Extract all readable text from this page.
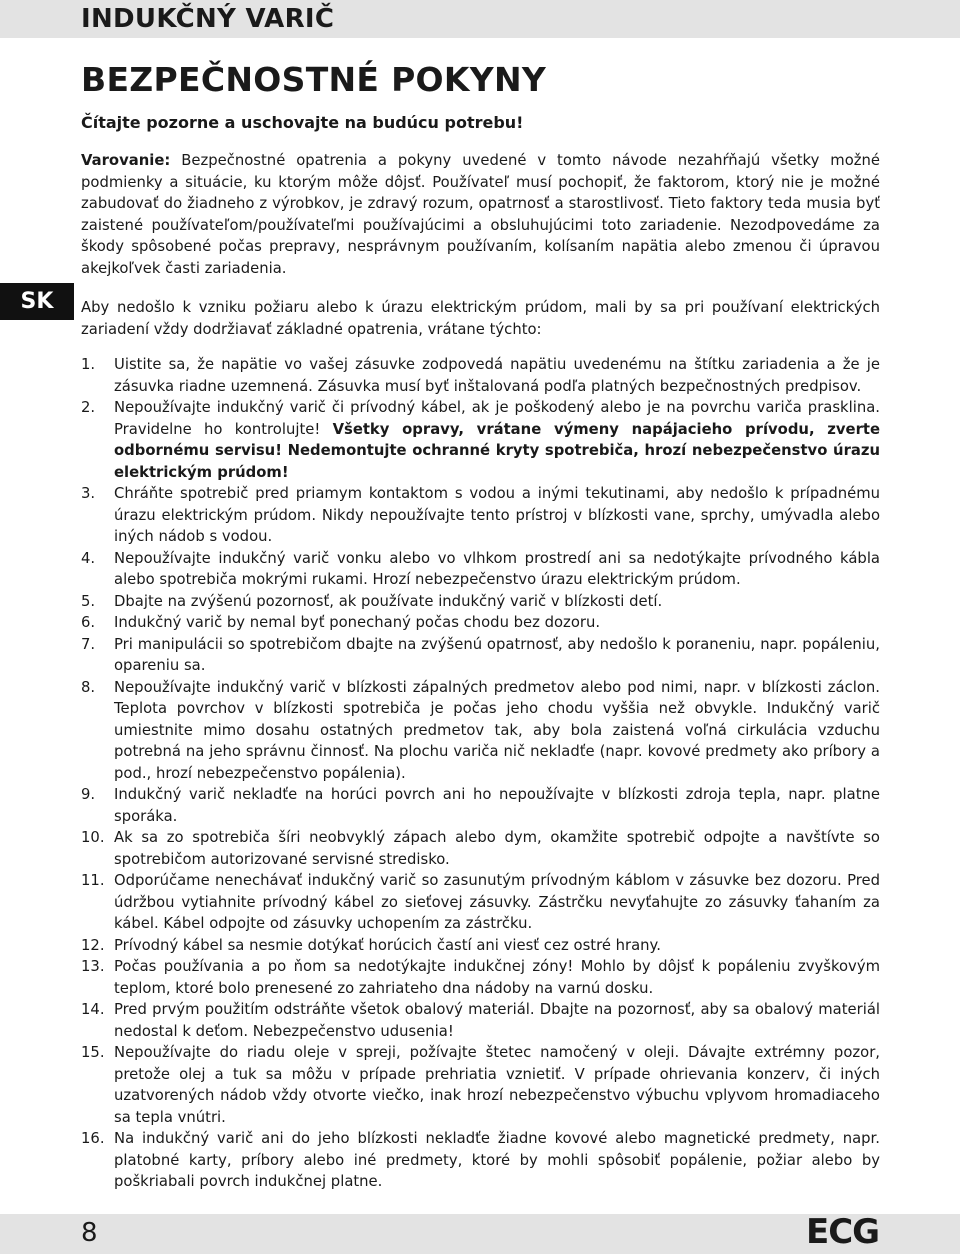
INDUKČNÝ VARIČ
SK
BEZPEČNOSTNÉ POKYNY

Čítajte pozorne a uschovajte na budúcu potrebu!

Varovanie: Bezpečnostné opatrenia a pokyny uvedené v tomto návode nezahŕňajú všetky možné podmienky a situácie, ku ktorým môže dôjsť. Používateľ musí pochopiť, že faktorom, ktorý nie je možné zabudovať do žiadneho z výrobkov, je zdravý rozum, opatrnosť a starostlivosť. Tieto faktory teda musia byť zaistené používateľom/používateľmi používajúcimi a obsluhujúcimi toto zariadenie. Nezodpovedáme za škody spôsobené počas prepravy, nesprávnym používaním, kolísaním napätia alebo zmenou či úpravou akejkoľvek časti zariadenia.

Aby nedošlo k vzniku požiaru alebo k úrazu elektrickým prúdom, mali by sa pri používaní elektrických zariadení vždy dodržiavať základné opatrenia, vrátane týchto:

1. Uistite sa, že napätie vo vašej zásuvke zodpovedá napätiu uvedenému na štítku zariadenia a že je zásuvka riadne uzemnená. Zásuvka musí byť inštalovaná podľa platných bezpečnostných predpisov.
2. Nepoužívajte indukčný varič či prívodný kábel, ak je poškodený alebo je na povrchu variča prasklina. Pravidelne ho kontrolujte! Všetky opravy, vrátane výmeny napájacieho prívodu, zverte odbornému servisu! Nedemontujte ochranné kryty spotrebiča, hrozí nebezpečenstvo úrazu elektrickým prúdom!
3. Chráňte spotrebič pred priamym kontaktom s vodou a inými tekutinami, aby nedošlo k prípadnému úrazu elektrickým prúdom. Nikdy nepoužívajte tento prístroj v blízkosti vane, sprchy, umývadla alebo iných nádob s vodou.
4. Nepoužívajte indukčný varič vonku alebo vo vlhkom prostredí ani sa nedotýkajte prívodného kábla alebo spotrebiča mokrými rukami. Hrozí nebezpečenstvo úrazu elektrickým prúdom.
5. Dbajte na zvýšenú pozornosť, ak používate indukčný varič v blízkosti detí.
6. Indukčný varič by nemal byť ponechaný počas chodu bez dozoru.
7. Pri manipulácii so spotrebičom dbajte na zvýšenú opatrnosť, aby nedošlo k poraneniu, napr. popáleniu, opareniu sa.
8. Nepoužívajte indukčný varič v blízkosti zápalných predmetov alebo pod nimi, napr. v blízkosti záclon. Teplota povrchov v blízkosti spotrebiča je počas jeho chodu vyššia než obvykle. Indukčný varič umiestnite mimo dosahu ostatných predmetov tak, aby bola zaistená voľná cirkulácia vzduchu potrebná na jeho správnu činnosť. Na plochu variča nič nekladťe (napr. kovové predmety ako príbory a pod., hrozí nebezpečenstvo popálenia).
9. Indukčný varič nekladťe na horúci povrch ani ho nepoužívajte v blízkosti zdroja tepla, napr. platne sporáka.
10. Ak sa zo spotrebiča šíri neobvyklý zápach alebo dym, okamžite spotrebič odpojte a navštívte so spotrebičom autorizované servisné stredisko.
11. Odporúčame nenechávať indukčný varič so zasunutým prívodným káblom v zásuvke bez dozoru. Pred údržbou vytiahnite prívodný kábel zo sieťovej zásuvky. Zástrčku nevyťahujte zo zásuvky ťahaním za kábel. Kábel odpojte od zásuvky uchopením za zástrčku.
12. Prívodný kábel sa nesmie dotýkať horúcich častí ani viesť cez ostré hrany.
13. Počas používania a po ňom sa nedotýkajte indukčnej zóny! Mohlo by dôjsť k popáleniu zvyškovým teplom, ktoré bolo prenesené zo zahriateho dna nádoby na varnú dosku.
14. Pred prvým použitím odstráňte všetok obalový materiál. Dbajte na pozornosť, aby sa obalový materiál nedostal k deťom. Nebezpečenstvo udusenia!
15. Nepoužívajte do riadu oleje v spreji, požívajte štetec namočený v oleji. Dávajte extrémny pozor, pretože olej a tuk sa môžu v prípade prehriatia vznietiť. V prípade ohrievania konzerv, či iných uzatvorených nádob vždy otvorte viečko, inak hrozí nebezpečenstvo výbuchu vplyvom hromadiaceho sa tepla vnútri.
16. Na indukčný varič ani do jeho blízkosti nekladťe žiadne kovové alebo magnetické predmety, napr. platobné karty, príbory alebo iné predmety, ktoré by mohli spôsobiť popálenie, požiar alebo by poškriabali povrch indukčnej platne.
8	ECG
